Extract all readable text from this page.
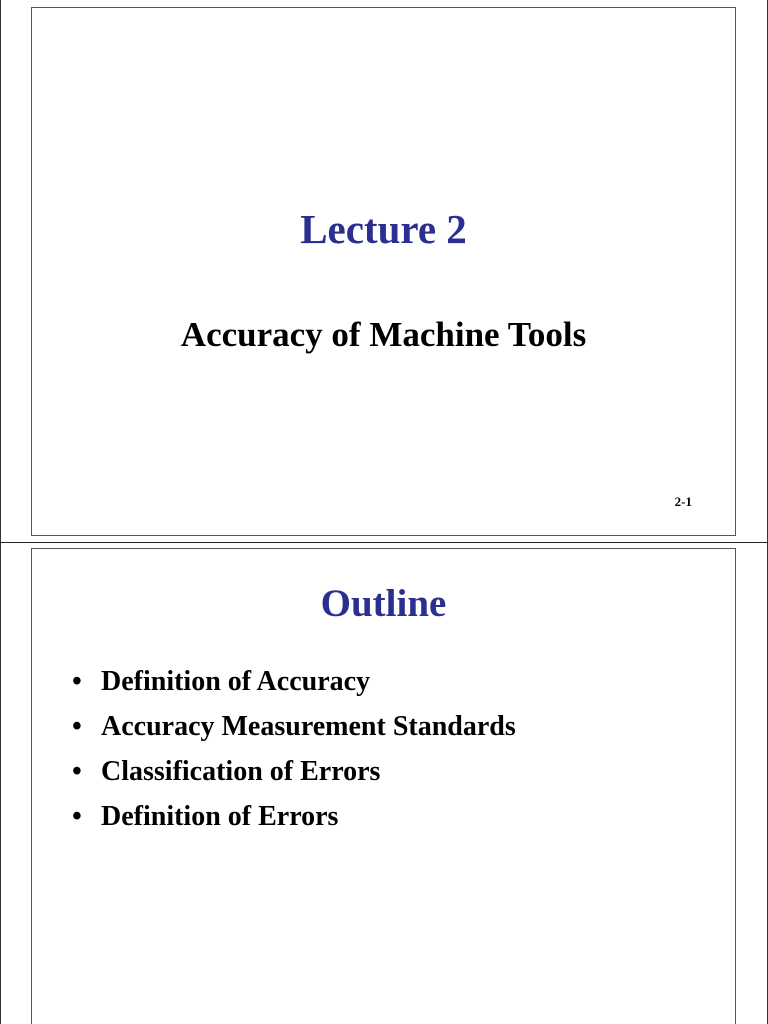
Lecture 2
Accuracy of Machine Tools
2-1
Outline
• Definition of Accuracy
• Accuracy Measurement Standards
• Classification of Errors
• Definition of Errors
